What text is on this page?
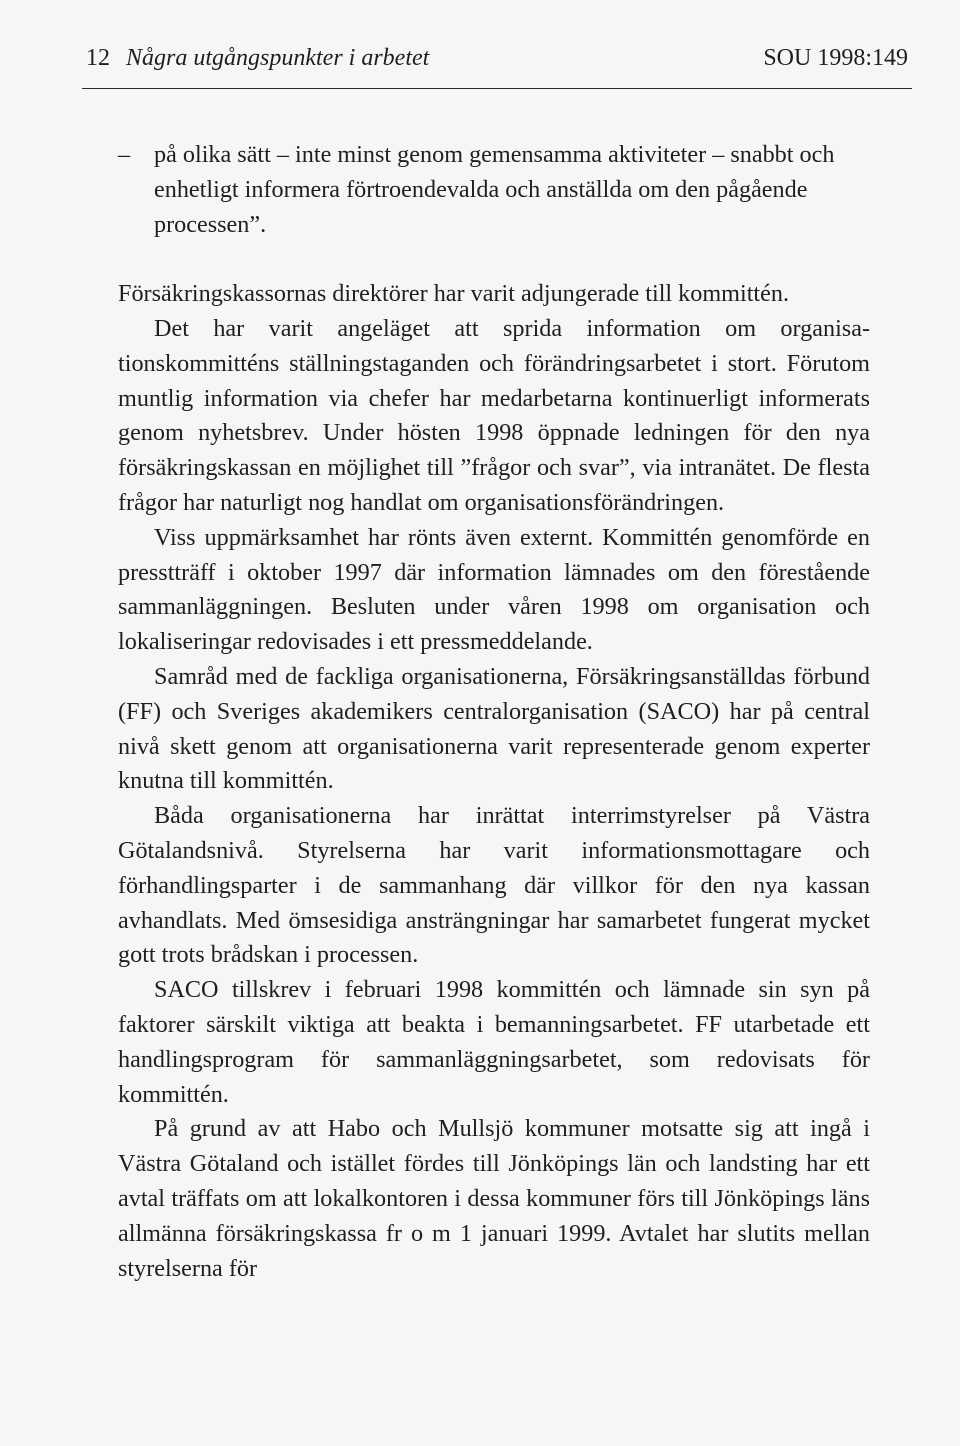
12 Några utgångspunkter i arbetet	SOU 1998:149
– på olika sätt – inte minst genom gemensamma aktiviteter – snabbt och enhetligt informera förtroendevalda och anställda om den pågående processen”.

Försäkringskassornas direktörer har varit adjungerade till kommittén.

Det har varit angeläget att sprida information om organisationskommitténs ställningstaganden och förändringsarbetet i stort. Förutom muntlig information via chefer har medarbetarna kontinuerligt informerats genom nyhetsbrev. Under hösten 1998 öppnade ledningen för den nya försäkringskassan en möjlighet till ”frågor och svar”, via intranätet. De flesta frågor har naturligt nog handlat om organisationsförändringen.

Viss uppmärksamhet har rönts även externt. Kommittén genomförde en presstträff i oktober 1997 där information lämnades om den förestående sammanläggningen. Besluten under våren 1998 om organisation och lokaliseringar redovisades i ett pressmeddelande.

Samråd med de fackliga organisationerna, Försäkringsanställdas förbund (FF) och Sveriges akademikers centralorganisation (SACO) har på central nivå skett genom att organisationerna varit representerade genom experter knutna till kommittén.

Båda organisationerna har inrättat interrimstyrelser på Västra Götalandsnivå. Styrelserna har varit informationsmottagare och förhandlingsparter i de sammanhang där villkor för den nya kassan avhandlats. Med ömsesidiga ansträngningar har samarbetet fungerat mycket gott trots brådskan i processen.

SACO tillskrev i februari 1998 kommittén och lämnade sin syn på faktorer särskilt viktiga att beakta i bemanningsarbetet. FF utarbetade ett handlingsprogram för sammanläggningsarbetet, som redovisats för kommittén.

På grund av att Habo och Mullsjö kommuner motsatte sig att ingå i Västra Götaland och istället fördes till Jönköpings län och landsting har ett avtal träffats om att lokalkontoren i dessa kommuner förs till Jönköpings läns allmänna försäkringskassa fr o m 1 januari 1999. Avtalet har slutits mellan styrelserna för
